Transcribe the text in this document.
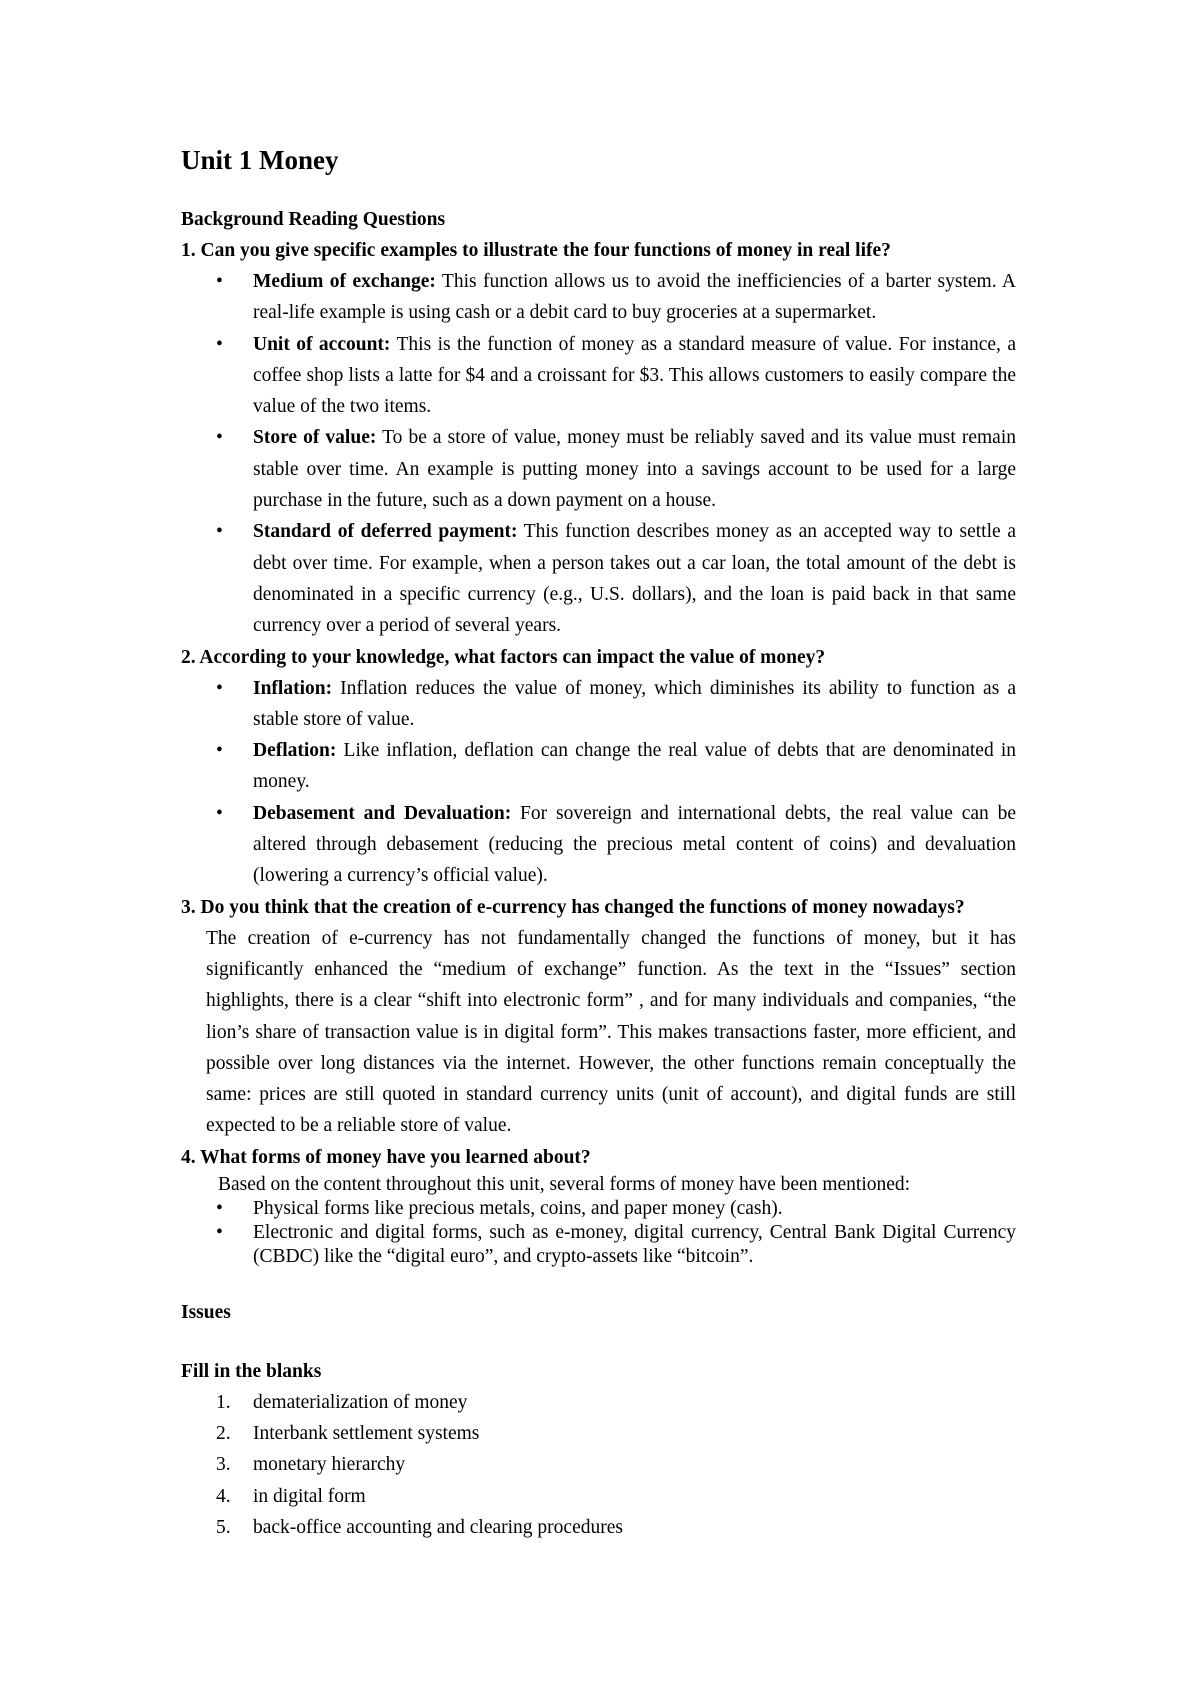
Unit 1 Money

Background Reading Questions

1. Can you give specific examples to illustrate the four functions of money in real life?

• Medium of exchange: This function allows us to avoid the inefficiencies of a barter system. A real-life example is using cash or a debit card to buy groceries at a supermarket.
• Unit of account: This is the function of money as a standard measure of value. For instance, a coffee shop lists a latte for $4 and a croissant for $3. This allows customers to easily compare the value of the two items.
• Store of value: To be a store of value, money must be reliably saved and its value must remain stable over time. An example is putting money into a savings account to be used for a large purchase in the future, such as a down payment on a house.
• Standard of deferred payment: This function describes money as an accepted way to settle a debt over time. For example, when a person takes out a car loan, the total amount of the debt is denominated in a specific currency (e.g., U.S. dollars), and the loan is paid back in that same currency over a period of several years.

2. According to your knowledge, what factors can impact the value of money?

• Inflation: Inflation reduces the value of money, which diminishes its ability to function as a stable store of value.
• Deflation: Like inflation, deflation can change the real value of debts that are denominated in money.
• Debasement and Devaluation: For sovereign and international debts, the real value can be altered through debasement (reducing the precious metal content of coins) and devaluation (lowering a currency’s official value).

3. Do you think that the creation of e-currency has changed the functions of money nowadays?

The creation of e-currency has not fundamentally changed the functions of money, but it has significantly enhanced the “medium of exchange” function. As the text in the “Issues” section highlights, there is a clear “shift into electronic form” , and for many individuals and companies, “the lion’s share of transaction value is in digital form”. This makes transactions faster, more efficient, and possible over long distances via the internet. However, the other functions remain conceptually the same: prices are still quoted in standard currency units (unit of account), and digital funds are still expected to be a reliable store of value.

4. What forms of money have you learned about?

Based on the content throughout this unit, several forms of money have been mentioned:

• Physical forms like precious metals, coins, and paper money (cash).
• Electronic and digital forms, such as e-money, digital currency, Central Bank Digital Currency (CBDC) like the “digital euro”, and crypto-assets like “bitcoin”.

Issues

Fill in the blanks

1. dematerialization of money
2. Interbank settlement systems
3. monetary hierarchy
4. in digital form
5. back-office accounting and clearing procedures
